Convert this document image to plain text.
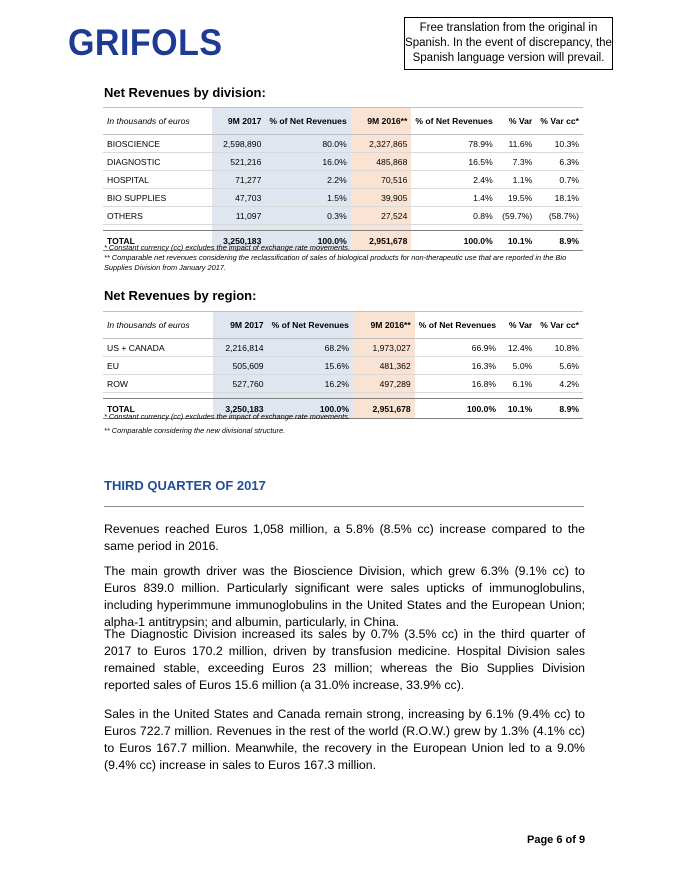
GRIFOLS	Free translation from the original in Spanish. In the event of discrepancy, the Spanish language version will prevail.
Net Revenues by division:
In thousands of euros	9M 2017	% of Net Revenues	9M 2016**	% of Net Revenues	% Var	% Var cc*
BIOSCIENCE	2,598,890	80.0%	2,327,865	78.9%	11.6%	10.3%
DIAGNOSTIC	521,216	16.0%	485,868	16.5%	7.3%	6.3%
HOSPITAL	71,277	2.2%	70,516	2.4%	1.1%	0.7%
BIO SUPPLIES	47,703	1.5%	39,905	1.4%	19.5%	18.1%
OTHERS	11,097	0.3%	27,524	0.8%	(59.7%)	(58.7%)

TOTAL	3,250,183	100.0%	2,951,678	100.0%	10.1%	8.9%
* Constant currency (cc) excludes the impact of exchange rate movements.
** Comparable net revenues considering the reclassification of sales of biological products for non-therapeutic use that are reported in the Bio Supplies Division from January 2017.
Net Revenues by region:
In thousands of euros	9M 2017	% of Net Revenues	9M 2016**	% of Net Revenues	% Var	% Var cc*
US + CANADA	2,216,814	68.2%	1,973,027	66.9%	12.4%	10.8%
EU	505,609	15.6%	481,362	16.3%	5.0%	5.6%
ROW	527,760	16.2%	497,289	16.8%	6.1%	4.2%

TOTAL	3,250,183	100.0%	2,951,678	100.0%	10.1%	8.9%
* Constant currency (cc) excludes the impact of exchange rate movements.
** Comparable considering the new divisional structure.
THIRD QUARTER OF 2017
Revenues reached Euros 1,058 million, a 5.8% (8.5% cc) increase compared to the same period in 2016.
The main growth driver was the Bioscience Division, which grew 6.3% (9.1% cc) to Euros 839.0 million. Particularly significant were sales upticks of immunoglobulins, including hyperimmune immunoglobulins in the United States and the European Union; alpha-1 antitrypsin; and albumin, particularly, in China.
The Diagnostic Division increased its sales by 0.7% (3.5% cc) in the third quarter of 2017 to Euros 170.2 million, driven by transfusion medicine. Hospital Division sales remained stable, exceeding Euros 23 million; whereas the Bio Supplies Division reported sales of Euros 15.6 million (a 31.0% increase, 33.9% cc).
Sales in the United States and Canada remain strong, increasing by 6.1% (9.4% cc) to Euros 722.7 million. Revenues in the rest of the world (R.O.W.) grew by 1.3% (4.1% cc) to Euros 167.7 million. Meanwhile, the recovery in the European Union led to a 9.0% (9.4% cc) increase in sales to Euros 167.3 million.
Page 6 of 9
